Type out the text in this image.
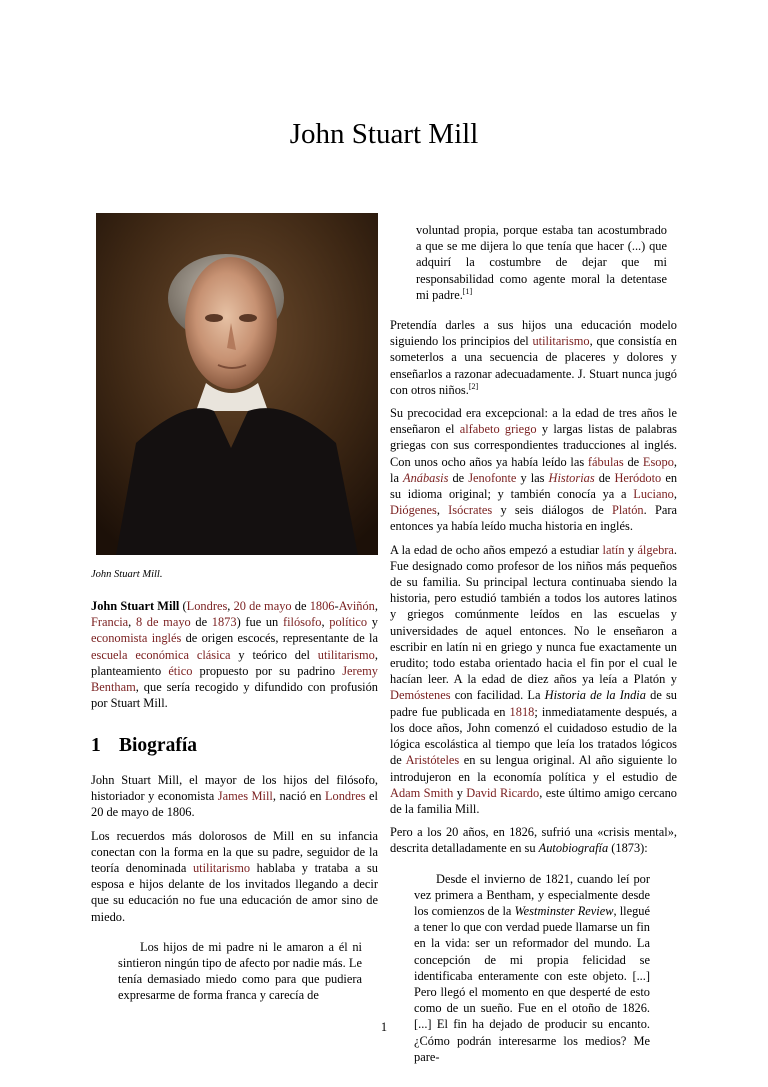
John Stuart Mill
John Stuart Mill.

John Stuart Mill (Londres, 20 de mayo de 1806-Aviñón, Francia, 8 de mayo de 1873) fue un filósofo, político y economista inglés de origen escocés, representante de la escuela económica clásica y teórico del utilitarismo, planteamiento ético propuesto por su padrino Jeremy Bentham, que sería recogido y difundido con profusión por Stuart Mill.

1 Biografía

John Stuart Mill, el mayor de los hijos del filósofo, historiador y economista James Mill, nació en Londres el 20 de mayo de 1806.

Los recuerdos más dolorosos de Mill en su infancia conectan con la forma en la que su padre, seguidor de la teoría denominada utilitarismo hablaba y trataba a su esposa e hijos delante de los invitados llegando a decir que su educación no fue una educación de amor sino de miedo.

Los hijos de mi padre ni le amaron a él ni sintieron ningún tipo de afecto por nadie más. Le tenía demasiado miedo como para que pudiera expresarme de forma franca y carecía de

voluntad propia, porque estaba tan acostumbrado a que se me dijera lo que tenía que hacer (...) que adquirí la costumbre de dejar que mi responsabilidad como agente moral la detentase mi padre.[1]

Pretendía darles a sus hijos una educación modelo siguiendo los principios del utilitarismo, que consistía en someterlos a una secuencia de placeres y dolores y enseñarlos a razonar adecuadamente. J. Stuart nunca jugó con otros niños.[2]

Su precocidad era excepcional: a la edad de tres años le enseñaron el alfabeto griego y largas listas de palabras griegas con sus correspondientes traducciones al inglés. Con unos ocho años ya había leído las fábulas de Esopo, la Anábasis de Jenofonte y las Historias de Heródoto en su idioma original; y también conocía ya a Luciano, Diógenes, Isócrates y seis diálogos de Platón. Para entonces ya había leído mucha historia en inglés.

A la edad de ocho años empezó a estudiar latín y álgebra. Fue designado como profesor de los niños más pequeños de su familia. Su principal lectura continuaba siendo la historia, pero estudió también a todos los autores latinos y griegos comúnmente leídos en las escuelas y universidades de aquel entonces. No le enseñaron a escribir en latín ni en griego y nunca fue exactamente un erudito; todo estaba orientado hacia el fin por el cual le hacían leer. A la edad de diez años ya leía a Platón y Demóstenes con facilidad. La Historia de la India de su padre fue publicada en 1818; inmediatamente después, a los doce años, John comenzó el cuidadoso estudio de la lógica escolástica al tiempo que leía los tratados lógicos de Aristóteles en su lengua original. Al año siguiente lo introdujeron en la economía política y el estudio de Adam Smith y David Ricardo, este último amigo cercano de la familia Mill.

Pero a los 20 años, en 1826, sufrió una «crisis mental», descrita detalladamente en su Autobiografía (1873):

Desde el invierno de 1821, cuando leí por vez primera a Bentham, y especialmente desde los comienzos de la Westminster Review, llegué a tener lo que con verdad puede llamarse un fin en la vida: ser un reformador del mundo. La concepción de mi propia felicidad se identificaba enteramente con este objeto. [...] Pero llegó el momento en que desperté de esto como de un sueño. Fue en el otoño de 1826. [...] El fin ha dejado de producir su encanto. ¿Cómo podrán interesarme los medios? Me pare-

1
